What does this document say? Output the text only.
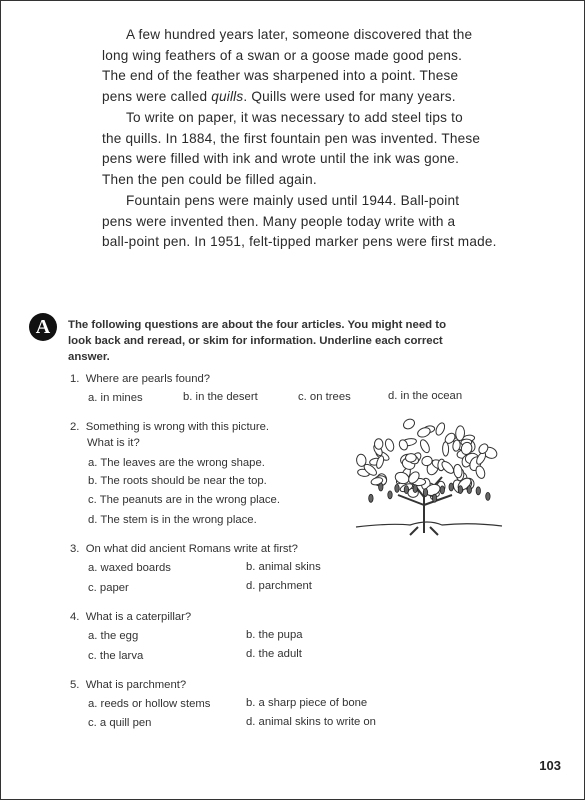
A few hundred years later, someone discovered that the
long wing feathers of a swan or a goose made good pens.
The end of the feather was sharpened into a point. These
pens were called quills. Quills were used for many years.
To write on paper, it was necessary to add steel tips to
the quills. In 1884, the first fountain pen was invented. These
pens were filled with ink and wrote until the ink was gone.
Then the pen could be filled again.
Fountain pens were mainly used until 1944. Ball-point
pens were invented then. Many people today write with a
ball-point pen. In 1951, felt-tipped marker pens were first made.
A	The following questions are about the four articles. You might need to
look back and reread, or skim for information. Underline each correct
answer.
1. Where are pearls found?
a. in mines	b. in the desert	c. on trees	d. in the ocean
2. Something is wrong with this picture.
What is it?
a. The leaves are the wrong shape.
b. The roots should be near the top.
c. The peanuts are in the wrong place.
d. The stem is in the wrong place.
3. On what did ancient Romans write at first?
a. waxed boards	b. animal skins
c. paper	d. parchment
4. What is a caterpillar?
a. the egg	b. the pupa
c. the larva	d. the adult
5. What is parchment?
a. reeds or hollow stems	b. a sharp piece of bone
c. a quill pen	d. animal skins to write on
103
